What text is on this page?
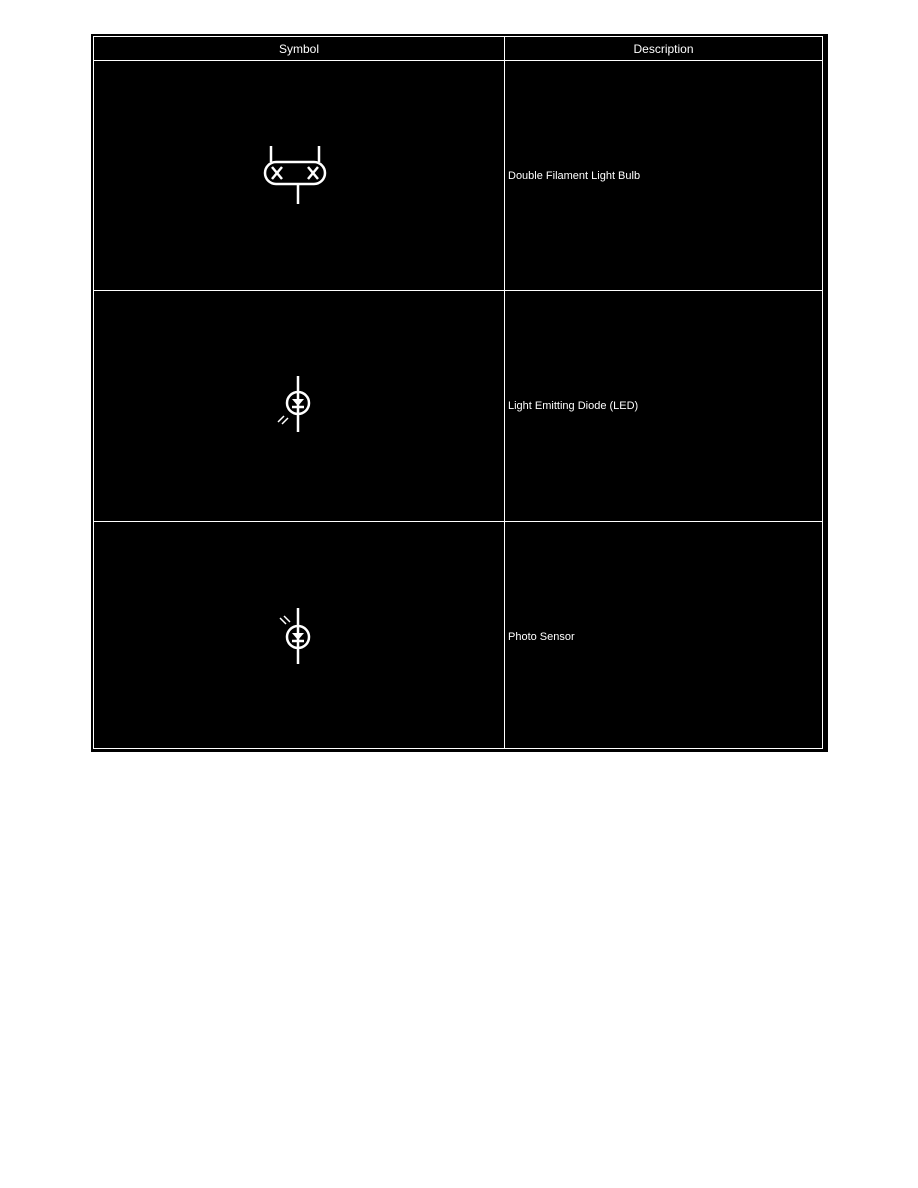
Symbol	Description
Double Filament Light Bulb
Light Emitting Diode (LED)
Photo Sensor
